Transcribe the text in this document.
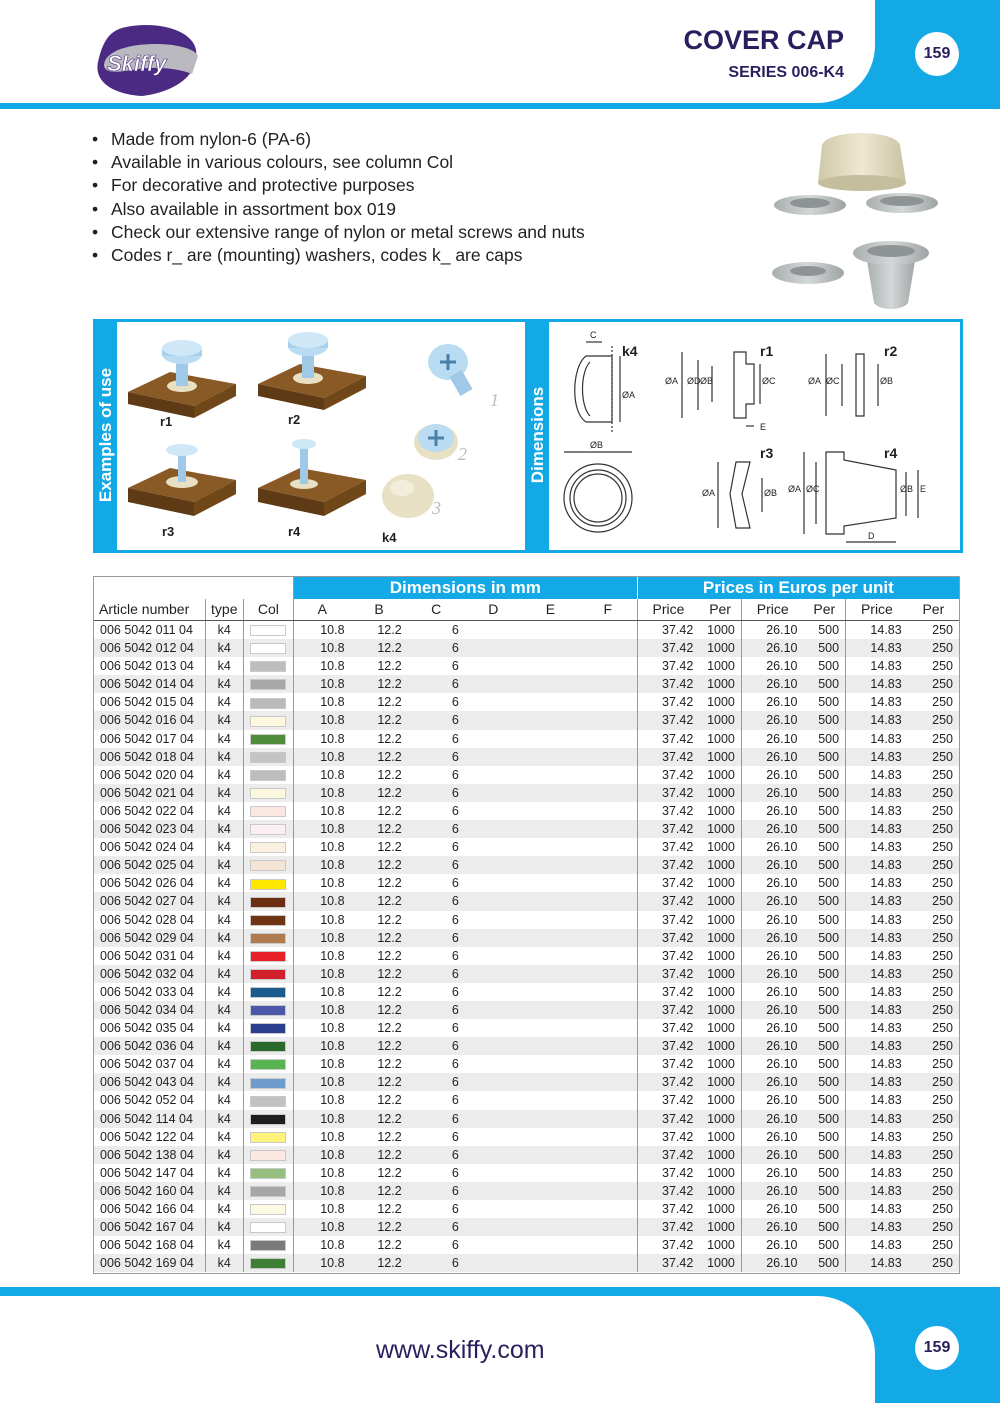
Skiffy
COVER CAP
SERIES 006-K4
159
• Made from nylon-6 (PA-6)
• Available in various colours, see column Col
• For decorative and protective purposes
• Also available in assortment box 019
• Check our extensive range of nylon or metal screws and nuts
• Codes r_ are (mounting) washers, codes k_ are caps
Examples of use	r1	r2
r3	r4	k4
1
2
3
Dimensions
k4	r1	r2
r3	r4
C
ØA
ØB
ØA ØD ØB	ØC
E
ØA ØC	ØB
ØA	ØB ØA ØC	ØB E
D
			Dimensions in mm						Prices in Euros per unit					
Article number	type	Col	A	B	C	D	E	F	Price	Per	Price	Per	Price	Per
006 5042 011 04	k4		10.8	12.2	6				37.42	1000	26.10	500	14.83	250
006 5042 012 04	k4		10.8	12.2	6				37.42	1000	26.10	500	14.83	250
006 5042 013 04	k4		10.8	12.2	6				37.42	1000	26.10	500	14.83	250
006 5042 014 04	k4		10.8	12.2	6				37.42	1000	26.10	500	14.83	250
006 5042 015 04	k4		10.8	12.2	6				37.42	1000	26.10	500	14.83	250
006 5042 016 04	k4		10.8	12.2	6				37.42	1000	26.10	500	14.83	250
006 5042 017 04	k4		10.8	12.2	6				37.42	1000	26.10	500	14.83	250
006 5042 018 04	k4		10.8	12.2	6				37.42	1000	26.10	500	14.83	250
006 5042 020 04	k4		10.8	12.2	6				37.42	1000	26.10	500	14.83	250
006 5042 021 04	k4		10.8	12.2	6				37.42	1000	26.10	500	14.83	250
006 5042 022 04	k4		10.8	12.2	6				37.42	1000	26.10	500	14.83	250
006 5042 023 04	k4		10.8	12.2	6				37.42	1000	26.10	500	14.83	250
006 5042 024 04	k4		10.8	12.2	6				37.42	1000	26.10	500	14.83	250
006 5042 025 04	k4		10.8	12.2	6				37.42	1000	26.10	500	14.83	250
006 5042 026 04	k4		10.8	12.2	6				37.42	1000	26.10	500	14.83	250
006 5042 027 04	k4		10.8	12.2	6				37.42	1000	26.10	500	14.83	250
006 5042 028 04	k4		10.8	12.2	6				37.42	1000	26.10	500	14.83	250
006 5042 029 04	k4		10.8	12.2	6				37.42	1000	26.10	500	14.83	250
006 5042 031 04	k4		10.8	12.2	6				37.42	1000	26.10	500	14.83	250
006 5042 032 04	k4		10.8	12.2	6				37.42	1000	26.10	500	14.83	250
006 5042 033 04	k4		10.8	12.2	6				37.42	1000	26.10	500	14.83	250
006 5042 034 04	k4		10.8	12.2	6				37.42	1000	26.10	500	14.83	250
006 5042 035 04	k4		10.8	12.2	6				37.42	1000	26.10	500	14.83	250
006 5042 036 04	k4		10.8	12.2	6				37.42	1000	26.10	500	14.83	250
006 5042 037 04	k4		10.8	12.2	6				37.42	1000	26.10	500	14.83	250
006 5042 043 04	k4		10.8	12.2	6				37.42	1000	26.10	500	14.83	250
006 5042 052 04	k4		10.8	12.2	6				37.42	1000	26.10	500	14.83	250
006 5042 114 04	k4		10.8	12.2	6				37.42	1000	26.10	500	14.83	250
006 5042 122 04	k4		10.8	12.2	6				37.42	1000	26.10	500	14.83	250
006 5042 138 04	k4		10.8	12.2	6				37.42	1000	26.10	500	14.83	250
006 5042 147 04	k4		10.8	12.2	6				37.42	1000	26.10	500	14.83	250
006 5042 160 04	k4		10.8	12.2	6				37.42	1000	26.10	500	14.83	250
006 5042 166 04	k4		10.8	12.2	6				37.42	1000	26.10	500	14.83	250
006 5042 167 04	k4		10.8	12.2	6				37.42	1000	26.10	500	14.83	250
006 5042 168 04	k4		10.8	12.2	6				37.42	1000	26.10	500	14.83	250
006 5042 169 04	k4		10.8	12.2	6				37.42	1000	26.10	500	14.83	250
www.skiffy.com	159
